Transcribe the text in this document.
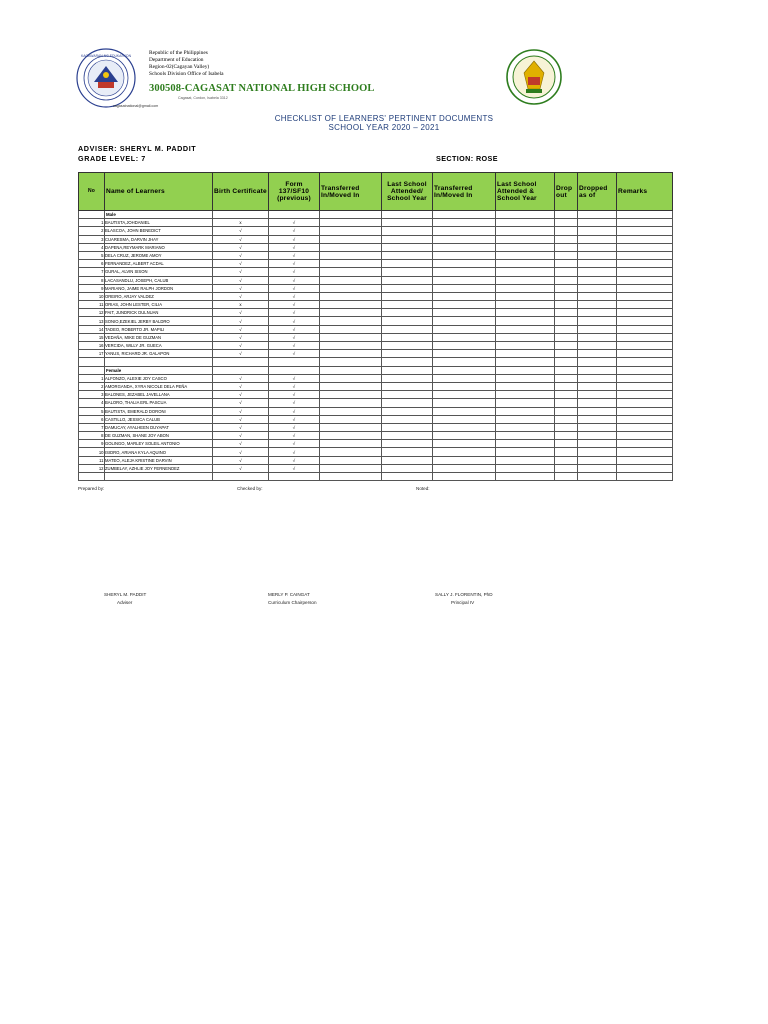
KAGAWARAN NG EDUKASYON	Republic of the Philippines
Department of Education
Region-02(Cagayan Valley)
Schools Division Office of Isabela
300508-CAGASAT NATIONAL HIGH SCHOOL
Cagasat, Cordon, Isabela 3312
cagasatnational@gmail.com
CHECKLIST OF LEARNERS' PERTINENT DOCUMENTS
SCHOOL YEAR 2020 – 2021
ADVISER: SHERYL M. PADDIT
GRADE LEVEL: 7	SECTION: ROSE
No	Name of Learners	Birth Certificate	Form 137/SF10 (previous)	Transferred In/Moved In	Last School Attended/ School Year	Transferred In/Moved In	Last School Attended & School Year	Drop out	Dropped as of	Remarks
	Male									
1	BAUTISTA,JOHDANIEL	x	√							
2	BLASCOA, JOHN BENEDICT	√	√							
3	CUARESMA, DARVIN JHAY	√	√							
4	DAPENA,REYMARK MARIANO	√	√							
5	DELA CRUZ, JEROME AMOY	√	√							
6	FERNANDEZ, ALBERT ACDAL	√	√							
7	GURAL, ALVIN SISON	√	√							
8	LACASANDLU, JOSEPH, CALUB	√	√							
9	MARIANO, JAIME RALPH JORDON	√	√							
10	OREIRO, ARJAY VALDEZ	√	√							
11	ORIAS, JOHN LESTER, CILIA	x	√							
12	PAIT, JUNDRICK DULNUAN	√	√							
13	SONIO,EZEKIEL JERBY BALDRO	√	√							
14	TADEO, ROBERTO JR. MAPILI	√	√							
15	VEDAÑA, MIKE DE GUZMAN	√	√							
16	VERCIDA, WILLY JR. GUECA	√	√							
17	YANUS, RICHARD JR. GALAPON	√	√							

	Female									
1	ALFONZO, ALEXIE JOY CASCO	√	√							
2	AMORGANDA, XYRA NICOLE DELA PEÑA	√	√							
3	BALONES, JEZABEL JAVELLANA	√	√							
4	BALORO, THALIA ERL PASCUA	√	√							
5	BAUTISTA, EMERALD DORONI	√	√							
6	CASTILLO, JESSICA CALUB	√	√							
7	DAMUCAY, AYALHEEN DUYAPAT	√	√							
8	DE GUZMAN, SHANE JOY ABON	√	√							
9	GOLINGO, MARLEY SOLEIL ANTONIO	√	√							
10	ISIDRO, ARIANA KYLA AQUINO	√	√							
11	MATEO, ALEJA KRISTINE DARVIN	√	√							
12	ZUMBELAY, AZHLIE JOY FERNENDEZ	√	√							

Prepared by:	Checked by:	Noted:
SHERYL M. PADDIT
Adviser
MERLY P. CAINGAT
Curriculum Chairperson
SALLY J. FLORENTIN, PhD
Principal IV
